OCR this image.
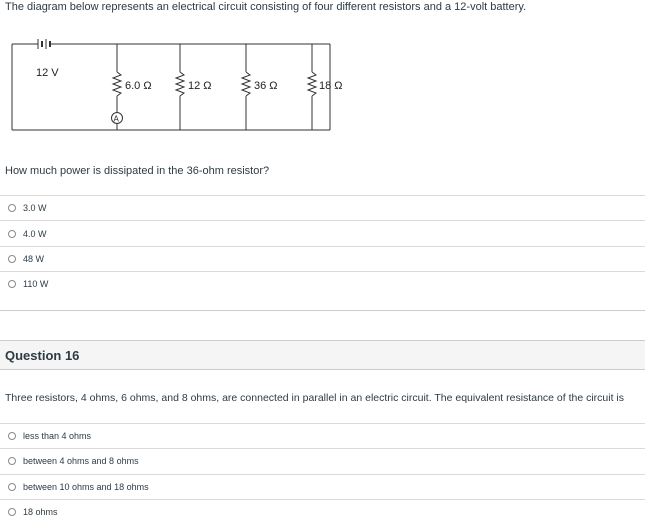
The diagram below represents an electrical circuit consisting of four different resistors and a 12-volt battery.
12 V
A
6.0 Ω	12 Ω	36 Ω	18 Ω
How much power is dissipated in the 36-ohm resistor?
3.0 W
4.0 W
48 W
110 W
Question 16
Three resistors, 4 ohms, 6 ohms, and 8 ohms, are connected in parallel in an electric circuit. The equivalent resistance of the circuit is
less than 4 ohms
between 4 ohms and 8 ohms
between 10 ohms and 18 ohms
18 ohms
